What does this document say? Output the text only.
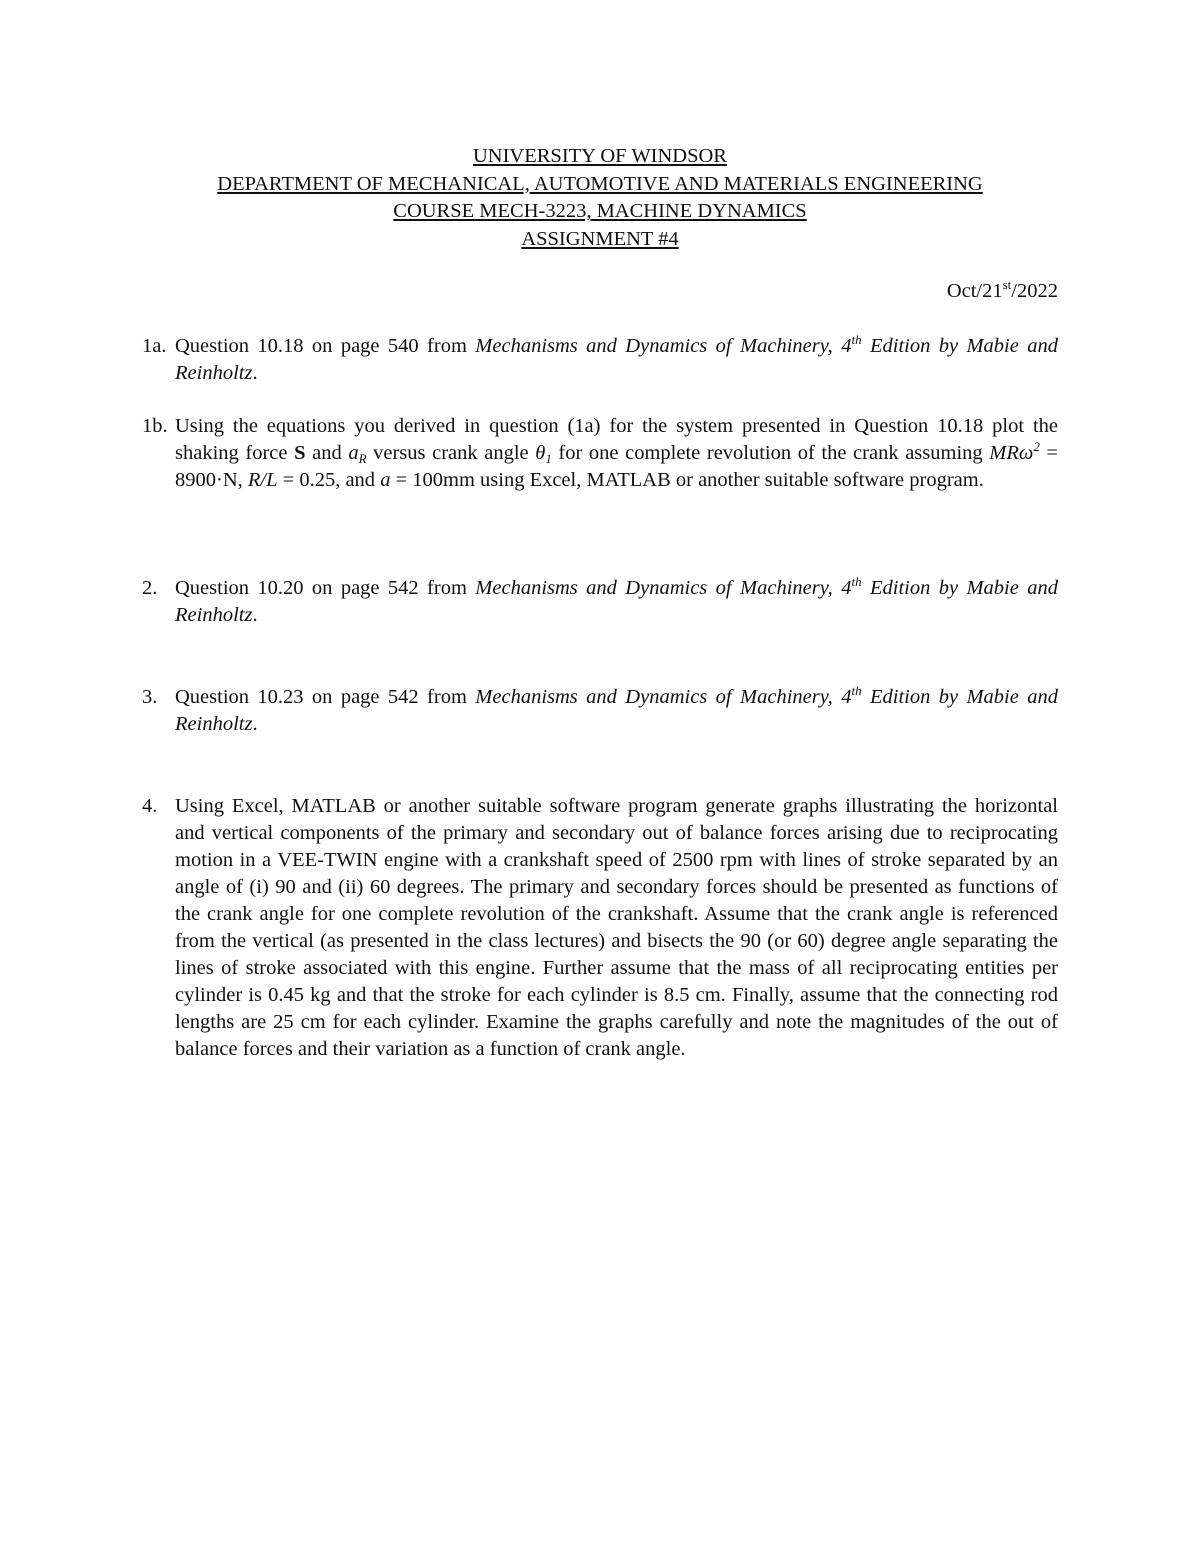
UNIVERSITY OF WINDSOR
DEPARTMENT OF MECHANICAL, AUTOMOTIVE AND MATERIALS ENGINEERING
COURSE MECH-3223, MACHINE DYNAMICS
ASSIGNMENT #4
Oct/21st/2022
1a. Question 10.18 on page 540 from Mechanisms and Dynamics of Machinery, 4th Edition by Mabie and Reinholtz.
1b. Using the equations you derived in question (1a) for the system presented in Question 10.18 plot the shaking force S and $a_R$ versus crank angle $\theta_1$ for one complete revolution of the crank assuming MRω$^2$ = 8900·N, R/L = 0.25, and a = 100mm using Excel, MATLAB or another suitable software program.
2. Question 10.20 on page 542 from Mechanisms and Dynamics of Machinery, 4th Edition by Mabie and Reinholtz.
3. Question 10.23 on page 542 from Mechanisms and Dynamics of Machinery, 4th Edition by Mabie and Reinholtz.
4. Using Excel, MATLAB or another suitable software program generate graphs illustrating the horizontal and vertical components of the primary and secondary out of balance forces arising due to reciprocating motion in a VEE-TWIN engine with a crankshaft speed of 2500 rpm with lines of stroke separated by an angle of (i) 90 and (ii) 60 degrees. The primary and secondary forces should be presented as functions of the crank angle for one complete revolution of the crankshaft. Assume that the crank angle is referenced from the vertical (as presented in the class lectures) and bisects the 90 (or 60) degree angle separating the lines of stroke associated with this engine. Further assume that the mass of all reciprocating entities per cylinder is 0.45 kg and that the stroke for each cylinder is 8.5 cm. Finally, assume that the connecting rod lengths are 25 cm for each cylinder. Examine the graphs carefully and note the magnitudes of the out of balance forces and their variation as a function of crank angle.
